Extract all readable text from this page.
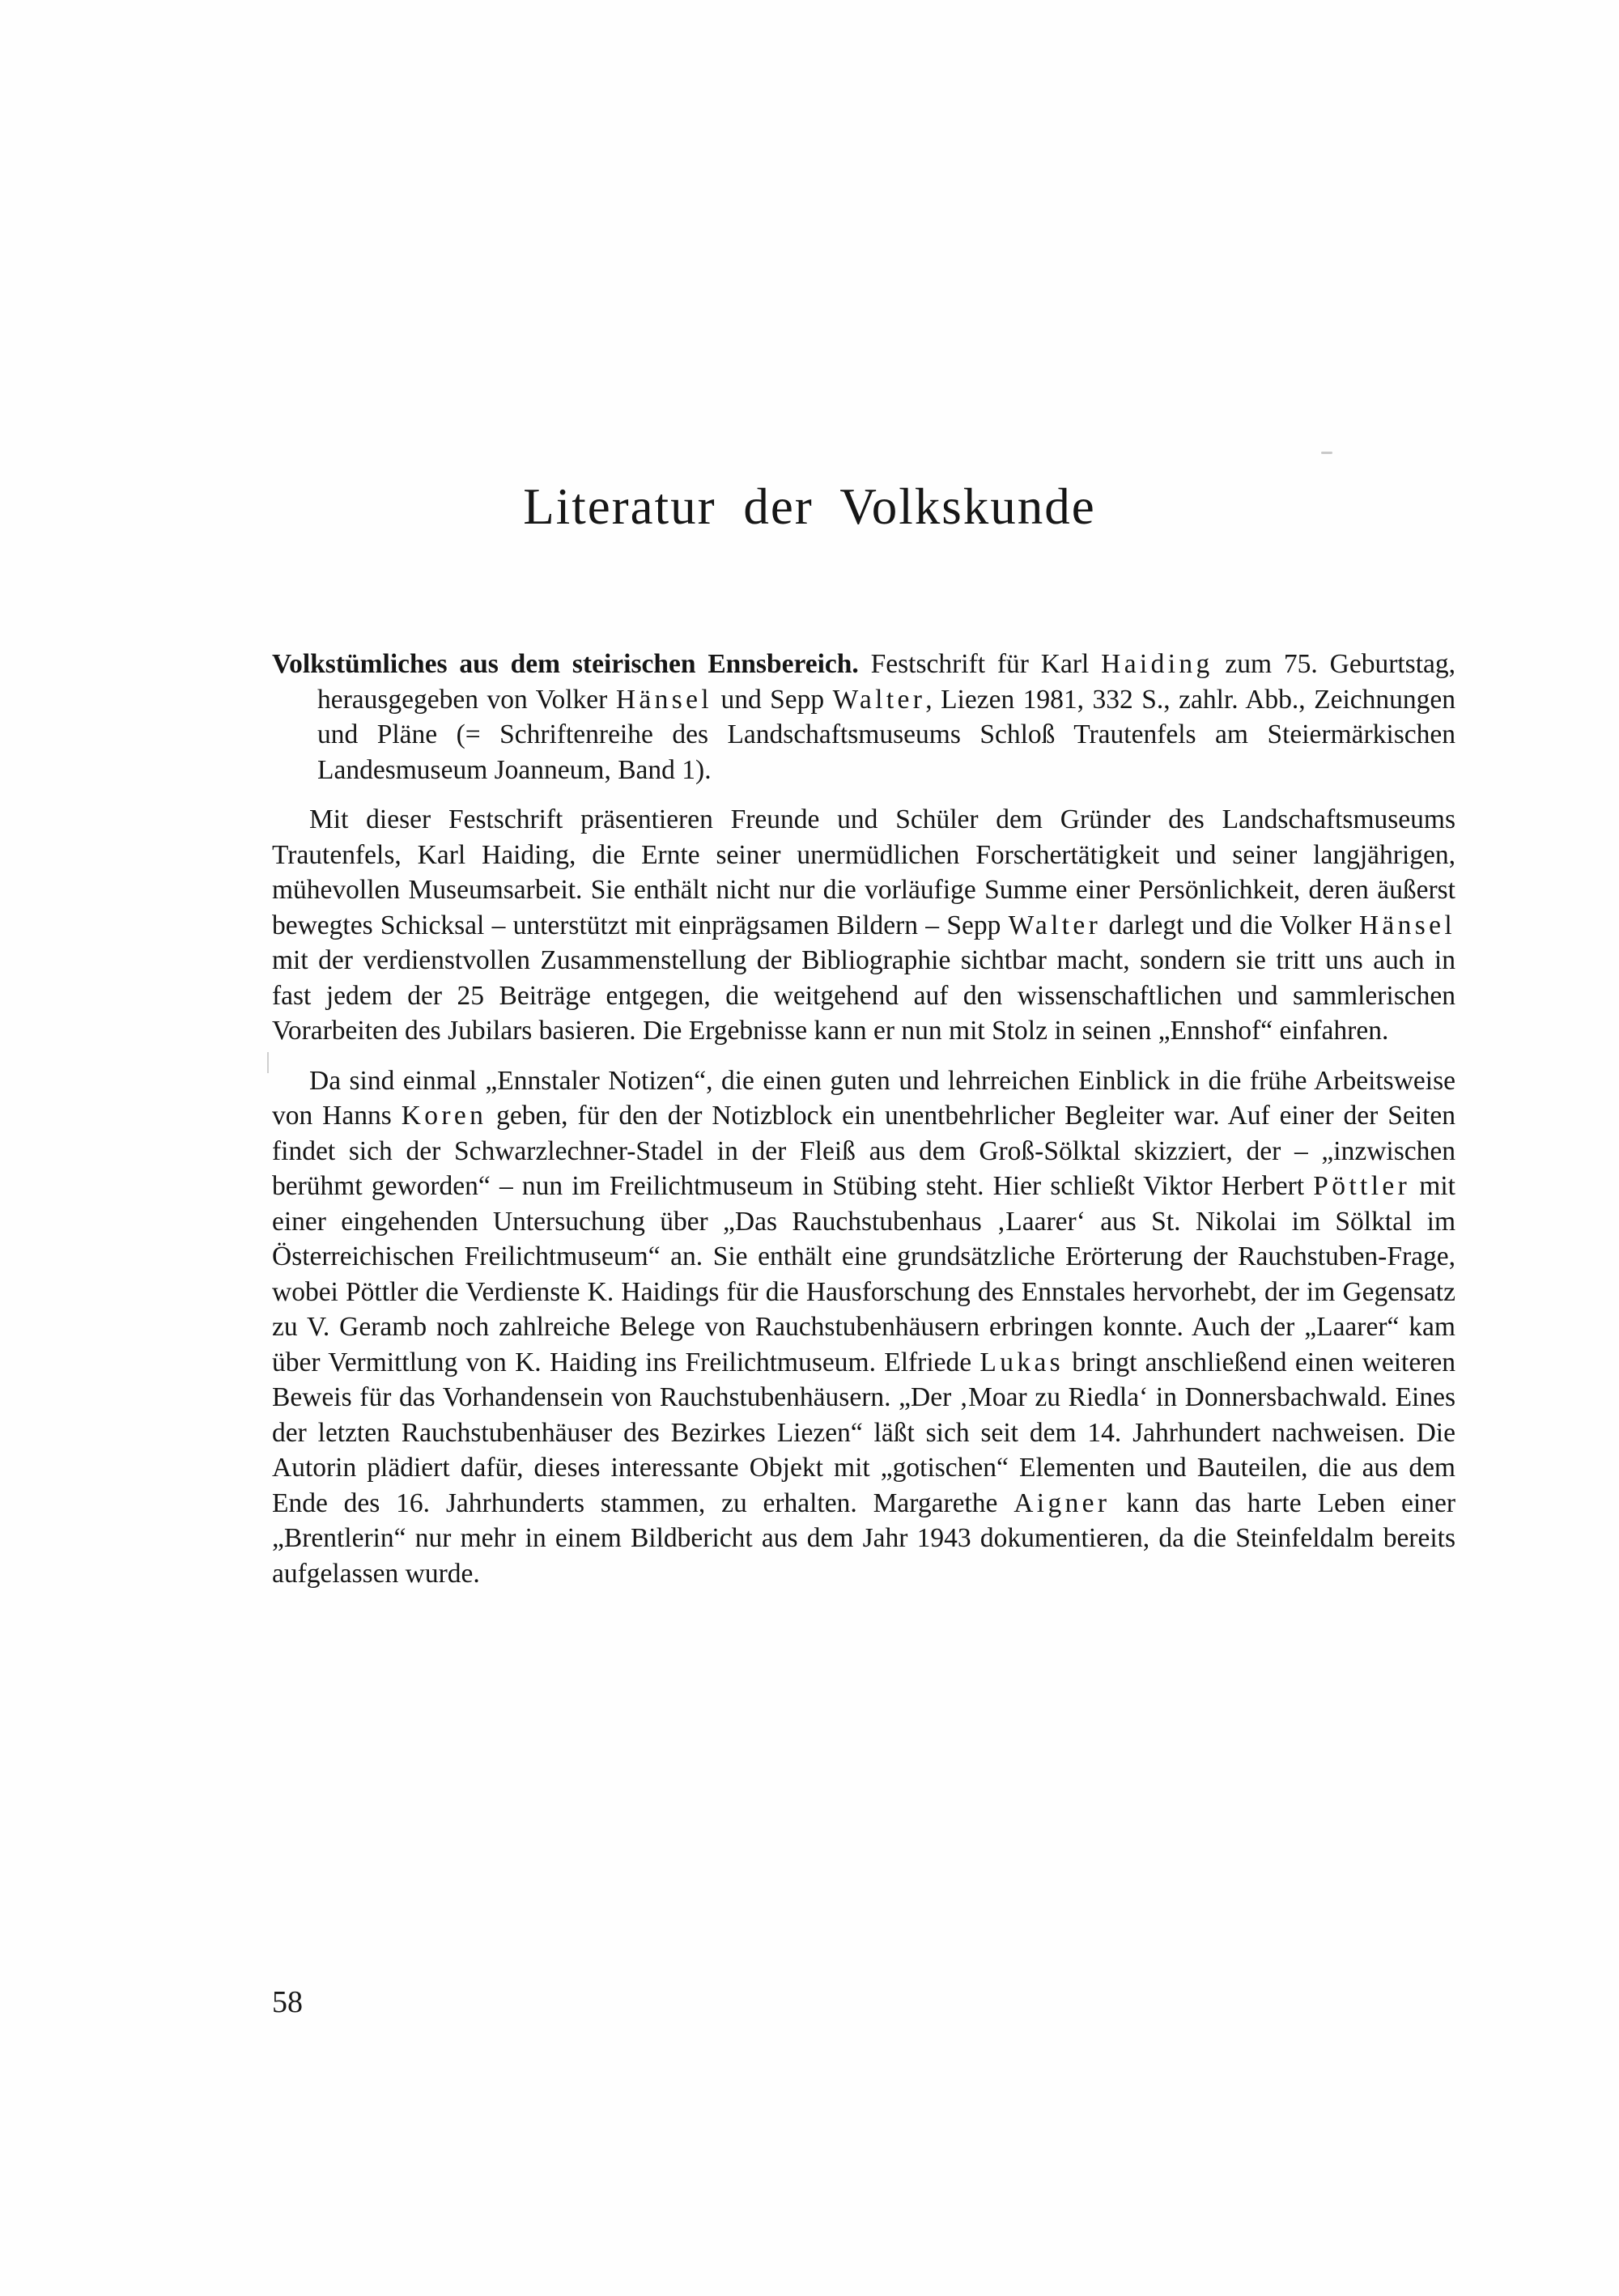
Literatur der Volkskunde

Volkstümliches aus dem steirischen Ennsbereich. Festschrift für Karl Haiding zum 75. Geburtstag, herausgegeben von Volker Hänsel und Sepp Walter, Liezen 1981, 332 S., zahlr. Abb., Zeichnungen und Pläne (= Schriftenreihe des Landschaftsmuseums Schloß Trautenfels am Steiermärkischen Landesmuseum Joanneum, Band 1).

Mit dieser Festschrift präsentieren Freunde und Schüler dem Gründer des Landschaftsmuseums Trautenfels, Karl Haiding, die Ernte seiner unermüdlichen Forschertätigkeit und seiner langjährigen, mühevollen Museumsarbeit. Sie enthält nicht nur die vorläufige Summe einer Persönlichkeit, deren äußerst bewegtes Schicksal – unterstützt mit einprägsamen Bildern – Sepp Walter darlegt und die Volker Hänsel mit der verdienstvollen Zusammenstellung der Bibliographie sichtbar macht, sondern sie tritt uns auch in fast jedem der 25 Beiträge entgegen, die weitgehend auf den wissenschaftlichen und sammlerischen Vorarbeiten des Jubilars basieren. Die Ergebnisse kann er nun mit Stolz in seinen „Ennshof“ einfahren.

Da sind einmal „Ennstaler Notizen“, die einen guten und lehrreichen Einblick in die frühe Arbeitsweise von Hanns Koren geben, für den der Notizblock ein unentbehrlicher Begleiter war. Auf einer der Seiten findet sich der Schwarzlechner-Stadel in der Fleiß aus dem Groß-Sölktal skizziert, der – „inzwischen berühmt geworden“ – nun im Freilichtmuseum in Stübing steht. Hier schließt Viktor Herbert Pöttler mit einer eingehenden Untersuchung über „Das Rauchstubenhaus ‚Laarer‘ aus St. Nikolai im Sölktal im Österreichischen Freilichtmuseum“ an. Sie enthält eine grundsätzliche Erörterung der Rauchstuben-Frage, wobei Pöttler die Verdienste K. Haidings für die Hausforschung des Ennstales hervorhebt, der im Gegensatz zu V. Geramb noch zahlreiche Belege von Rauchstubenhäusern erbringen konnte. Auch der „Laarer“ kam über Vermittlung von K. Haiding ins Freilichtmuseum. Elfriede Lukas bringt anschließend einen weiteren Beweis für das Vorhandensein von Rauchstubenhäusern. „Der ‚Moar zu Riedla‘ in Donnersbachwald. Eines der letzten Rauchstubenhäuser des Bezirkes Liezen“ läßt sich seit dem 14. Jahrhundert nachweisen. Die Autorin plädiert dafür, dieses interessante Objekt mit „gotischen“ Elementen und Bauteilen, die aus dem Ende des 16. Jahrhunderts stammen, zu erhalten. Margarethe Aigner kann das harte Leben einer „Brentlerin“ nur mehr in einem Bildbericht aus dem Jahr 1943 dokumentieren, da die Steinfeldalm bereits aufgelassen wurde.

58
